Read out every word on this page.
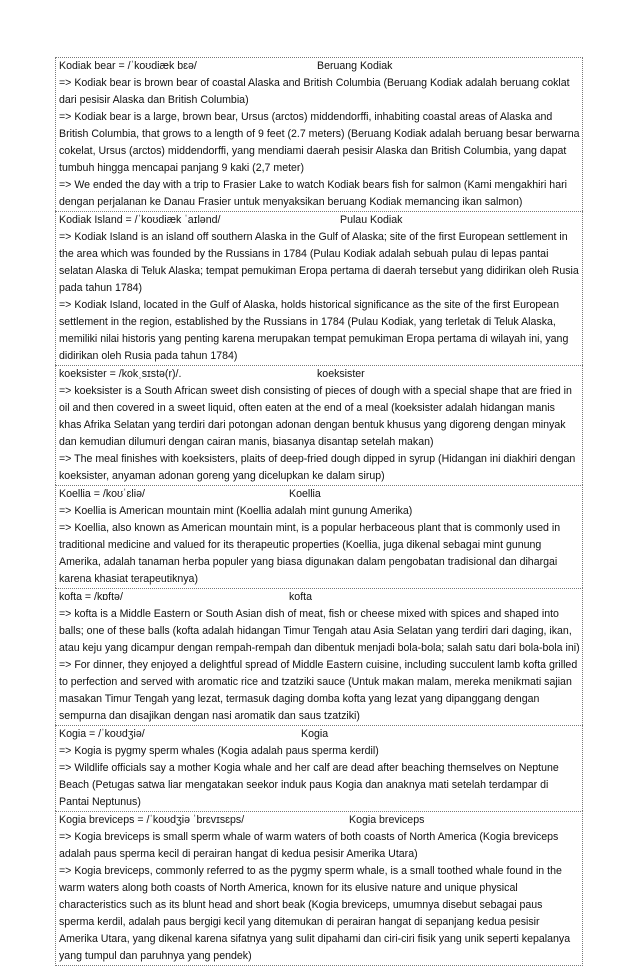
Kodiak bear = /ˈkoʊdiæk bɛə/	Beruang Kodiak

=> Kodiak bear is brown bear of coastal Alaska and British Columbia (Beruang Kodiak adalah beruang coklat dari pesisir Alaska dan British Columbia)

=> Kodiak bear is a large, brown bear, Ursus (arctos) middendorffi, inhabiting coastal areas of Alaska and British Columbia, that grows to a length of 9 feet (2.7 meters) (Beruang Kodiak adalah beruang besar berwarna cokelat, Ursus (arctos) middendorffi, yang mendiami daerah pesisir Alaska dan British Columbia, yang dapat tumbuh hingga mencapai panjang 9 kaki (2,7 meter)

=> We ended the day with a trip to Frasier Lake to watch Kodiak bears fish for salmon (Kami mengakhiri hari dengan perjalanan ke Danau Frasier untuk menyaksikan beruang Kodiak memancing ikan salmon)

Kodiak Island = /ˈkoʊdiæk ˈaɪlənd/	Pulau Kodiak

=> Kodiak Island is an island off southern Alaska in the Gulf of Alaska; site of the first European settlement in the area which was founded by the Russians in 1784 (Pulau Kodiak adalah sebuah pulau di lepas pantai selatan Alaska di Teluk Alaska; tempat pemukiman Eropa pertama di daerah tersebut yang didirikan oleh Rusia pada tahun 1784)

=> Kodiak Island, located in the Gulf of Alaska, holds historical significance as the site of the first European settlement in the region, established by the Russians in 1784 (Pulau Kodiak, yang terletak di Teluk Alaska, memiliki nilai historis yang penting karena merupakan tempat pemukiman Eropa pertama di wilayah ini, yang didirikan oleh Rusia pada tahun 1784)

koeksister = /kokˌsɪstə(r)/.	koeksister

=> koeksister is a South African sweet dish consisting of pieces of dough with a special shape that are fried in oil and then covered in a sweet liquid, often eaten at the end of a meal (koeksister adalah hidangan manis khas Afrika Selatan yang terdiri dari potongan adonan dengan bentuk khusus yang digoreng dengan minyak dan kemudian dilumuri dengan cairan manis, biasanya disantap setelah makan)

=> The meal finishes with koeksisters, plaits of deep-fried dough dipped in syrup (Hidangan ini diakhiri dengan koeksister, anyaman adonan goreng yang dicelupkan ke dalam sirup)

Koellia = /koʊˈɛliə/	Koellia

=> Koellia is American mountain mint (Koellia adalah mint gunung Amerika)

=> Koellia, also known as American mountain mint, is a popular herbaceous plant that is commonly used in traditional medicine and valued for its therapeutic properties (Koellia, juga dikenal sebagai mint gunung Amerika, adalah tanaman herba populer yang biasa digunakan dalam pengobatan tradisional dan dihargai karena khasiat terapeutiknya)

kofta = /kɒftə/	kofta

=> kofta is a Middle Eastern or South Asian dish of meat, fish or cheese mixed with spices and shaped into balls; one of these balls (kofta adalah hidangan Timur Tengah atau Asia Selatan yang terdiri dari daging, ikan, atau keju yang dicampur dengan rempah-rempah dan dibentuk menjadi bola-bola; salah satu dari bola-bola ini)

=> For dinner, they enjoyed a delightful spread of Middle Eastern cuisine, including succulent lamb kofta grilled to perfection and served with aromatic rice and tzatziki sauce (Untuk makan malam, mereka menikmati sajian masakan Timur Tengah yang lezat, termasuk daging domba kofta yang lezat yang dipanggang dengan sempurna dan disajikan dengan nasi aromatik dan saus tzatziki)

Kogia = /ˈkoʊdʒiə/	Kogia

=> Kogia is pygmy sperm whales (Kogia adalah paus sperma kerdil)

=> Wildlife officials say a mother Kogia whale and her calf are dead after beaching themselves on Neptune Beach (Petugas satwa liar mengatakan seekor induk paus Kogia dan anaknya mati setelah terdampar di Pantai Neptunus)

Kogia breviceps = /ˈkoʊdʒiə ˈbrɛvɪsɛps/	Kogia breviceps

=> Kogia breviceps is small sperm whale of warm waters of both coasts of North America (Kogia breviceps adalah paus sperma kecil di perairan hangat di kedua pesisir Amerika Utara)

=> Kogia breviceps, commonly referred to as the pygmy sperm whale, is a small toothed whale found in the warm waters along both coasts of North America, known for its elusive nature and unique physical characteristics such as its blunt head and short beak (Kogia breviceps, umumnya disebut sebagai paus sperma kerdil, adalah paus bergigi kecil yang ditemukan di perairan hangat di sepanjang kedua pesisir Amerika Utara, yang dikenal karena sifatnya yang sulit dipahami dan ciri-ciri fisik yang unik seperti kepalanya yang tumpul dan paruhnya yang pendek)
